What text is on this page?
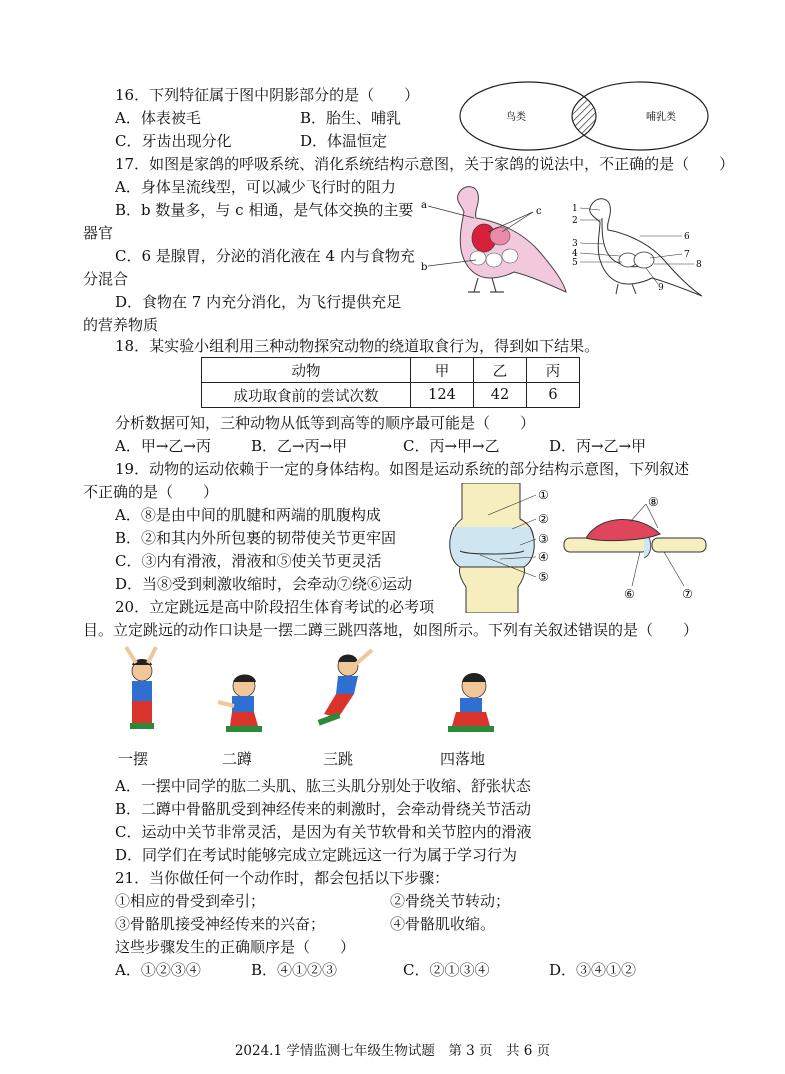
16．下列特征属于图中阴影部分的是（　　）
A．体表被毛	B．胎生、哺乳
C．牙齿出现分化	D．体温恒定
鸟类	哺乳类
17．如图是家鸽的呼吸系统、消化系统结构示意图，关于家鸽的说法中，不正确的是（　　）
A．身体呈流线型，可以减少飞行时的阻力
B．b 数量多，与 c 相通，是气体交换的主要
器官
C．6 是腺胃，分泌的消化液在 4 内与食物充
分混合
D．食物在 7 内充分消化，为飞行提供充足
的营养物质
a
c
b
1
2
3
4
5
6
7
8
9
18．某实验小组利用三种动物探究动物的绕道取食行为，得到如下结果。
动物	甲	乙	丙
成功取食前的尝试次数	124	42	6
分析数据可知，三种动物从低等到高等的顺序最可能是（　　）
A．甲→乙→丙	B．乙→丙→甲	C．丙→甲→乙	D．丙→乙→甲
19．动物的运动依赖于一定的身体结构。如图是运动系统的部分结构示意图，下列叙述
不正确的是（　　）
A．⑧是由中间的肌腱和两端的肌腹构成
B．②和其内外所包裹的韧带使关节更牢固
C．③内有滑液，滑液和⑤使关节更灵活
D．当⑧受到刺激收缩时，会牵动⑦绕⑥运动
①
②
③
④
⑤
⑧
⑥	⑦
20．立定跳远是高中阶段招生体育考试的必考项
目。立定跳远的动作口诀是一摆二蹲三跳四落地，如图所示。下列有关叙述错误的是（　　）
一摆	二蹲	三跳	四落地
A．一摆中同学的肱二头肌、肱三头肌分别处于收缩、舒张状态
B．二蹲中骨骼肌受到神经传来的刺激时，会牵动骨绕关节活动
C．运动中关节非常灵活，是因为有关节软骨和关节腔内的滑液
D．同学们在考试时能够完成立定跳远这一行为属于学习行为
21．当你做任何一个动作时，都会包括以下步骤：
①相应的骨受到牵引；	②骨绕关节转动；
③骨骼肌接受神经传来的兴奋；	④骨骼肌收缩。
这些步骤发生的正确顺序是（　　）
A．①②③④	B．④①②③	C．②①③④	D．③④①②
2024.1 学情监测七年级生物试题　第 3 页　共 6 页
